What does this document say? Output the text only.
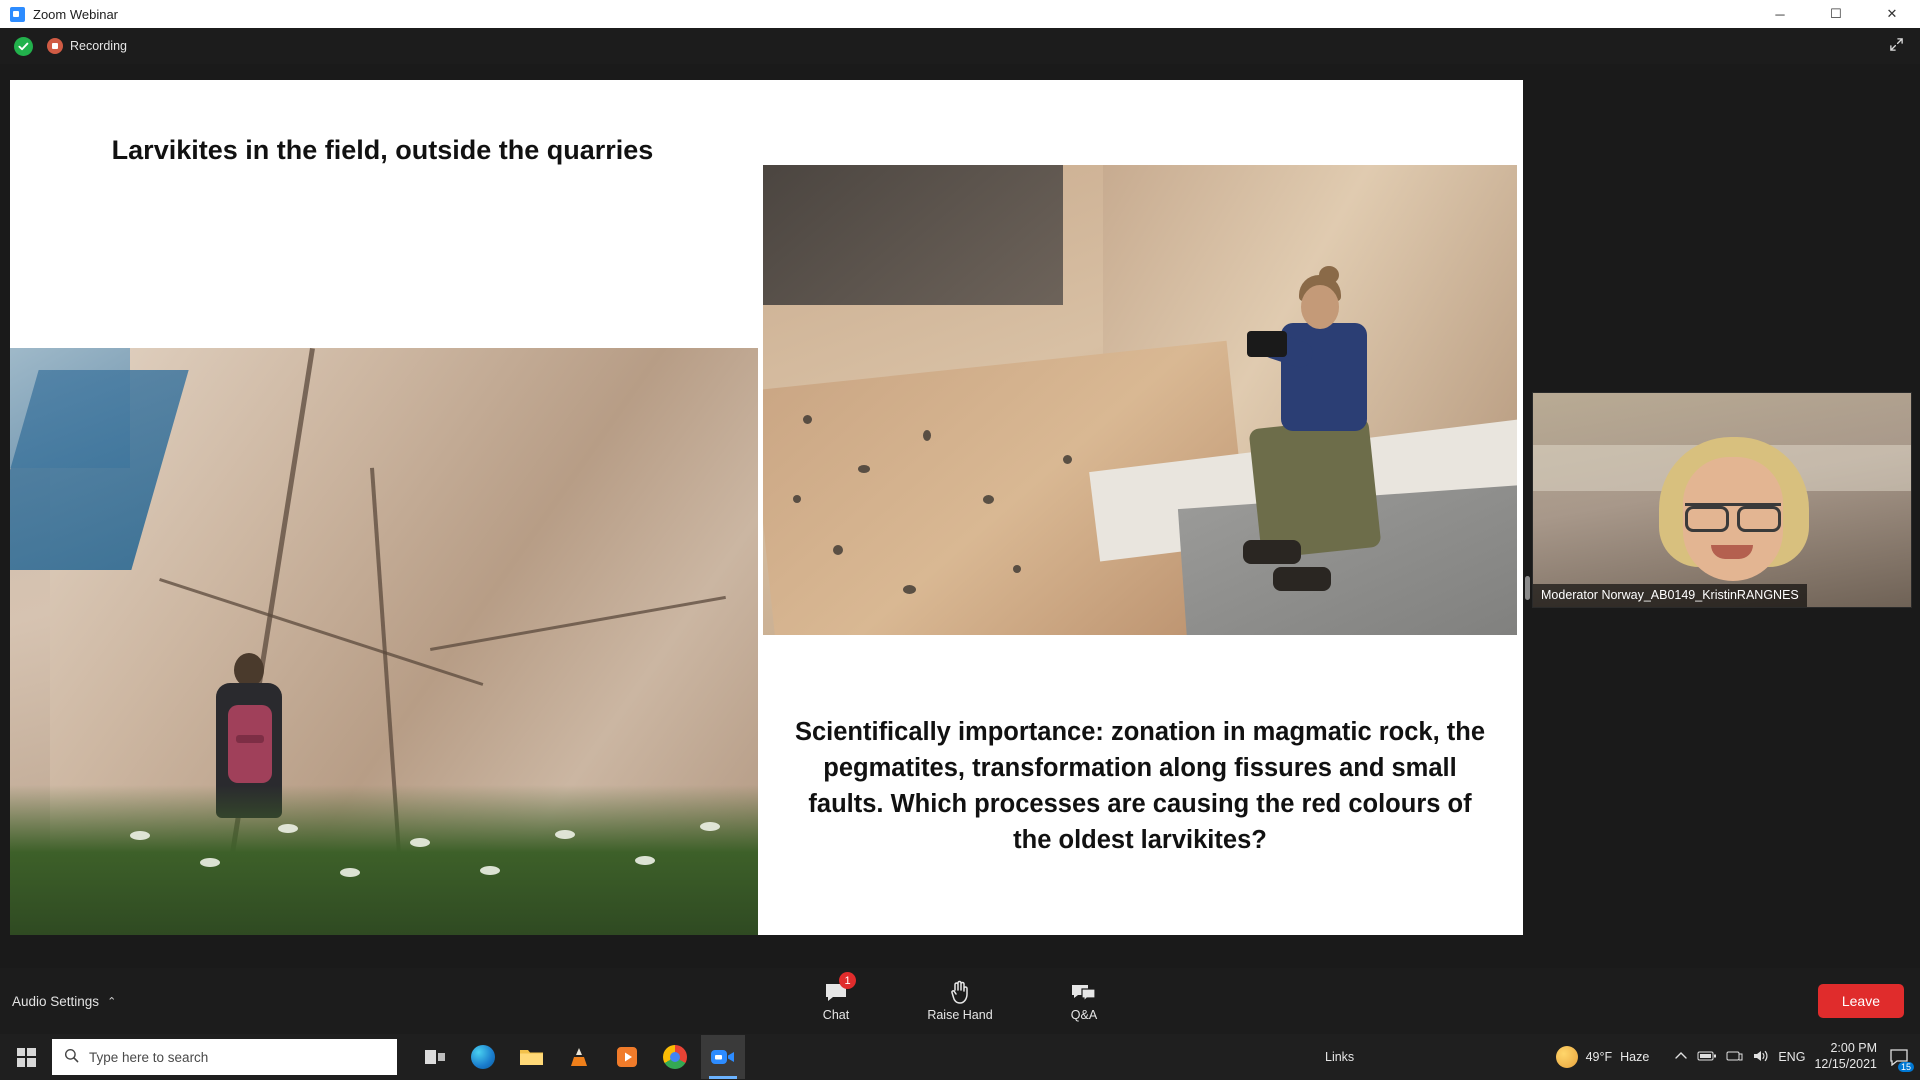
Zoom Webinar	─	☐	✕
Recording
Larvikites in the field, outside the quarries
Scientifically importance: zonation in magmatic rock, the pegmatites, transformation along fissures and small faults. Which processes are causing the red colours of the oldest larvikites?
Moderator Norway_AB0149_KristinRANGNES
Audio Settings ⌃
1
Chat	Raise Hand	Q&A
Leave
Type here to search	Links	49°F Haze	ENG
2:00 PM
12/15/2021	15
